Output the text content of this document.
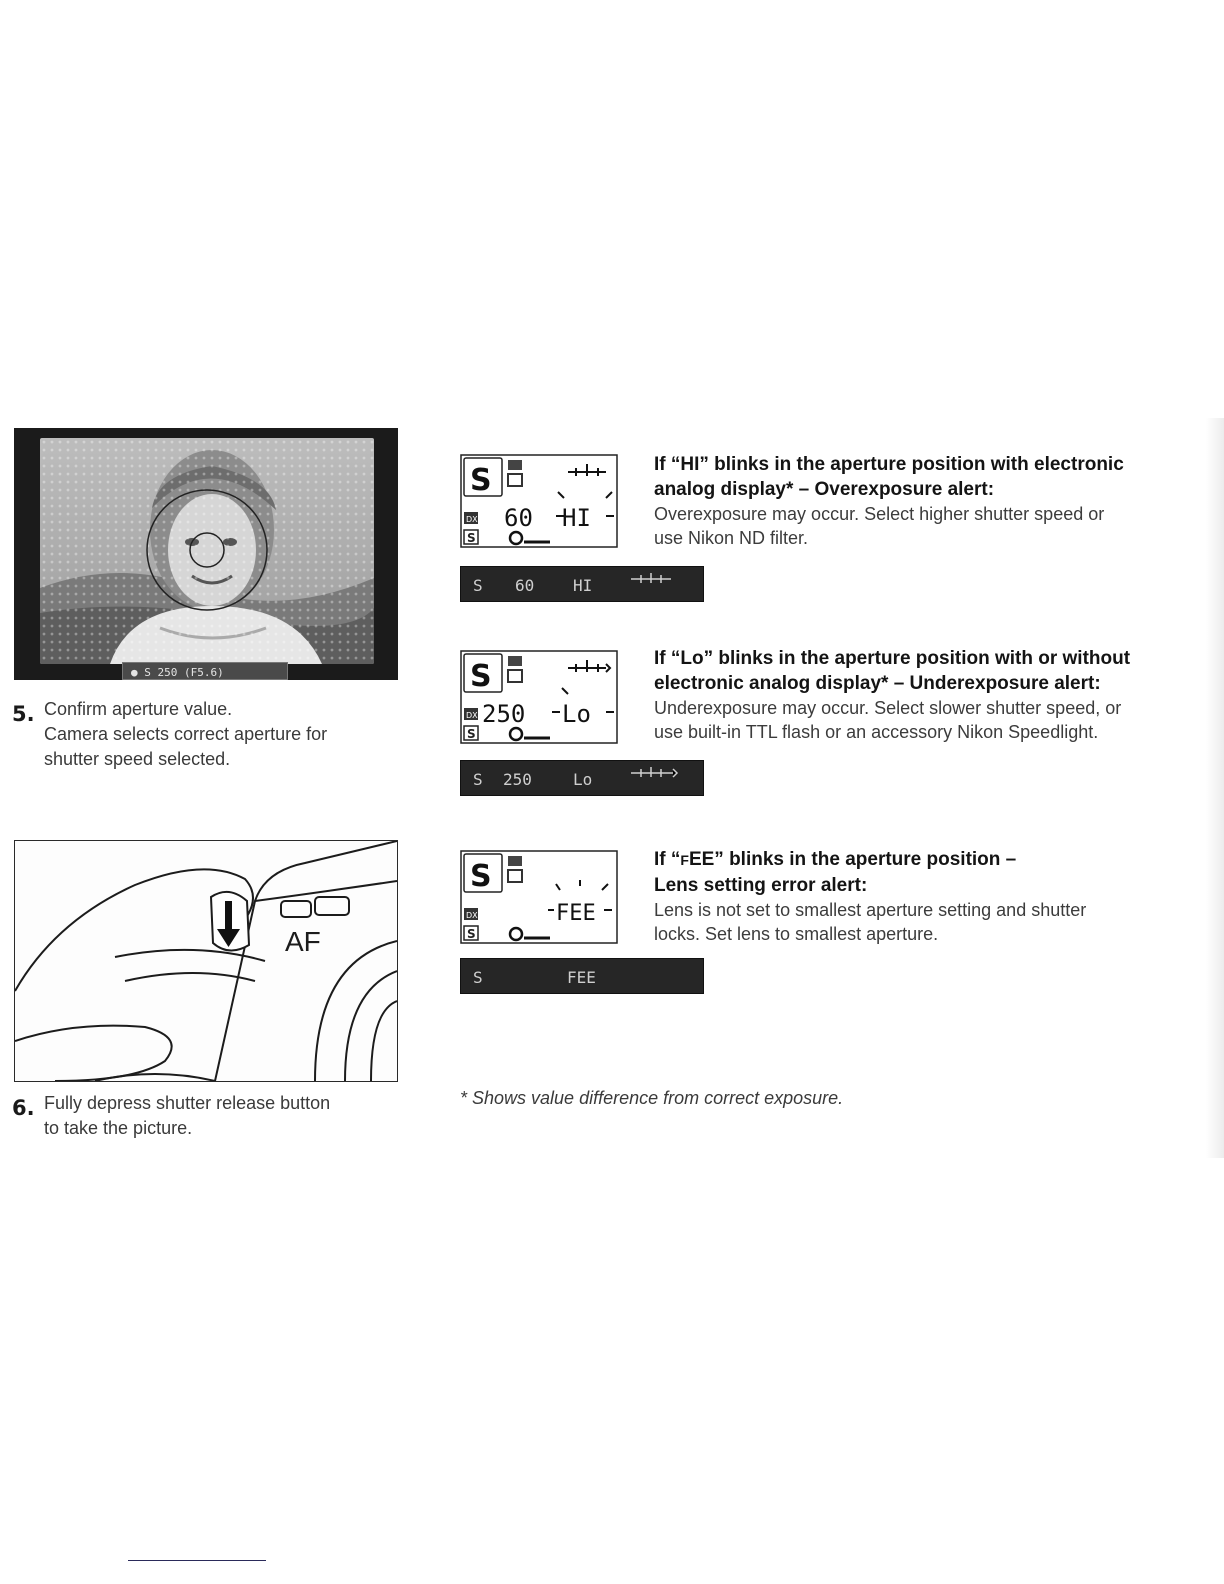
● S 250 (F5.6)
5. Confirm aperture value.
Camera selects correct aperture for
shutter speed selected.
AF
6. Fully depress shutter release button
to take the picture.
S
DX
S
60 HI
S 60 HI
If “HI” blinks in the aperture position with electronic
analog display* – Overexposure alert:
Overexposure may occur. Select higher shutter speed or
use Nikon ND filter.
S
DX
S
250 Lo
S 250	Lo
If “Lo” blinks in the aperture position with or without
electronic analog display* – Underexposure alert:
Underexposure may occur. Select slower shutter speed, or
use built-in TTL flash or an accessory Nikon Speedlight.
S
DX
S
FEE
S	FEE
If “FEE” blinks in the aperture position –
Lens setting error alert:
Lens is not set to smallest aperture setting and shutter
locks. Set lens to smallest aperture.
* Shows value difference from correct exposure.
